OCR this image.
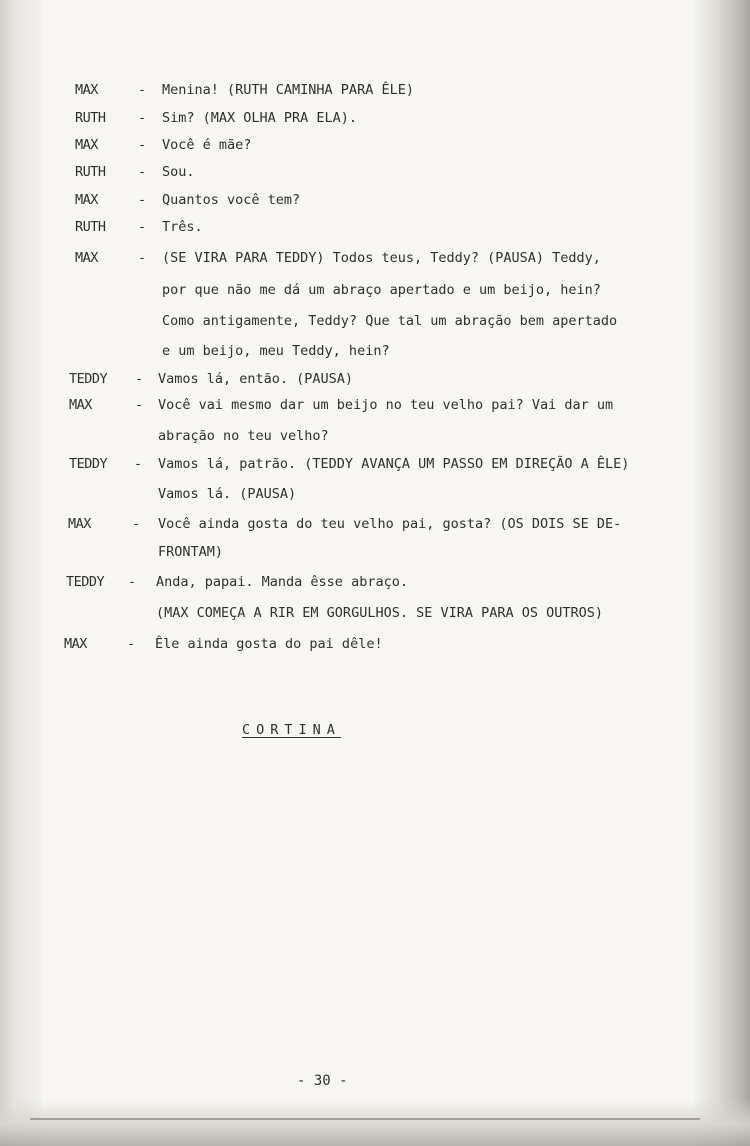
MAX	- Menina! (RUTH CAMINHA PARA ÊLE)
RUTH - Sim? (MAX OLHA PRA ELA).
MAX	- Você é mãe?
RUTH - Sou.
MAX	- Quantos você tem?
RUTH - Três.
MAX	- (SE VIRA PARA TEDDY) Todos teus, Teddy? (PAUSA) Teddy,
por que não me dá um abraço apertado e um beijo, hein?
Como antigamente, Teddy? Que tal um abração bem apertado
e um beijo, meu Teddy, hein?
TEDDY - Vamos lá, então. (PAUSA)
MAX	- Você vai mesmo dar um beijo no teu velho pai? Vai dar um
abração no teu velho?
TEDDY - Vamos lá, patrão. (TEDDY AVANÇA UM PASSO EM DIREÇÃO A ÊLE)
Vamos lá. (PAUSA)
MAX	- Você ainda gosta do teu velho pai, gosta? (OS DOIS SE DE-
FRONTAM)
TEDDY - Anda, papai. Manda êsse abraço.
(MAX COMEÇA A RIR EM GORGULHOS. SE VIRA PARA OS OUTROS)
MAX	- Êle ainda gosta do pai dêle!
CORTINA
- 30 -
